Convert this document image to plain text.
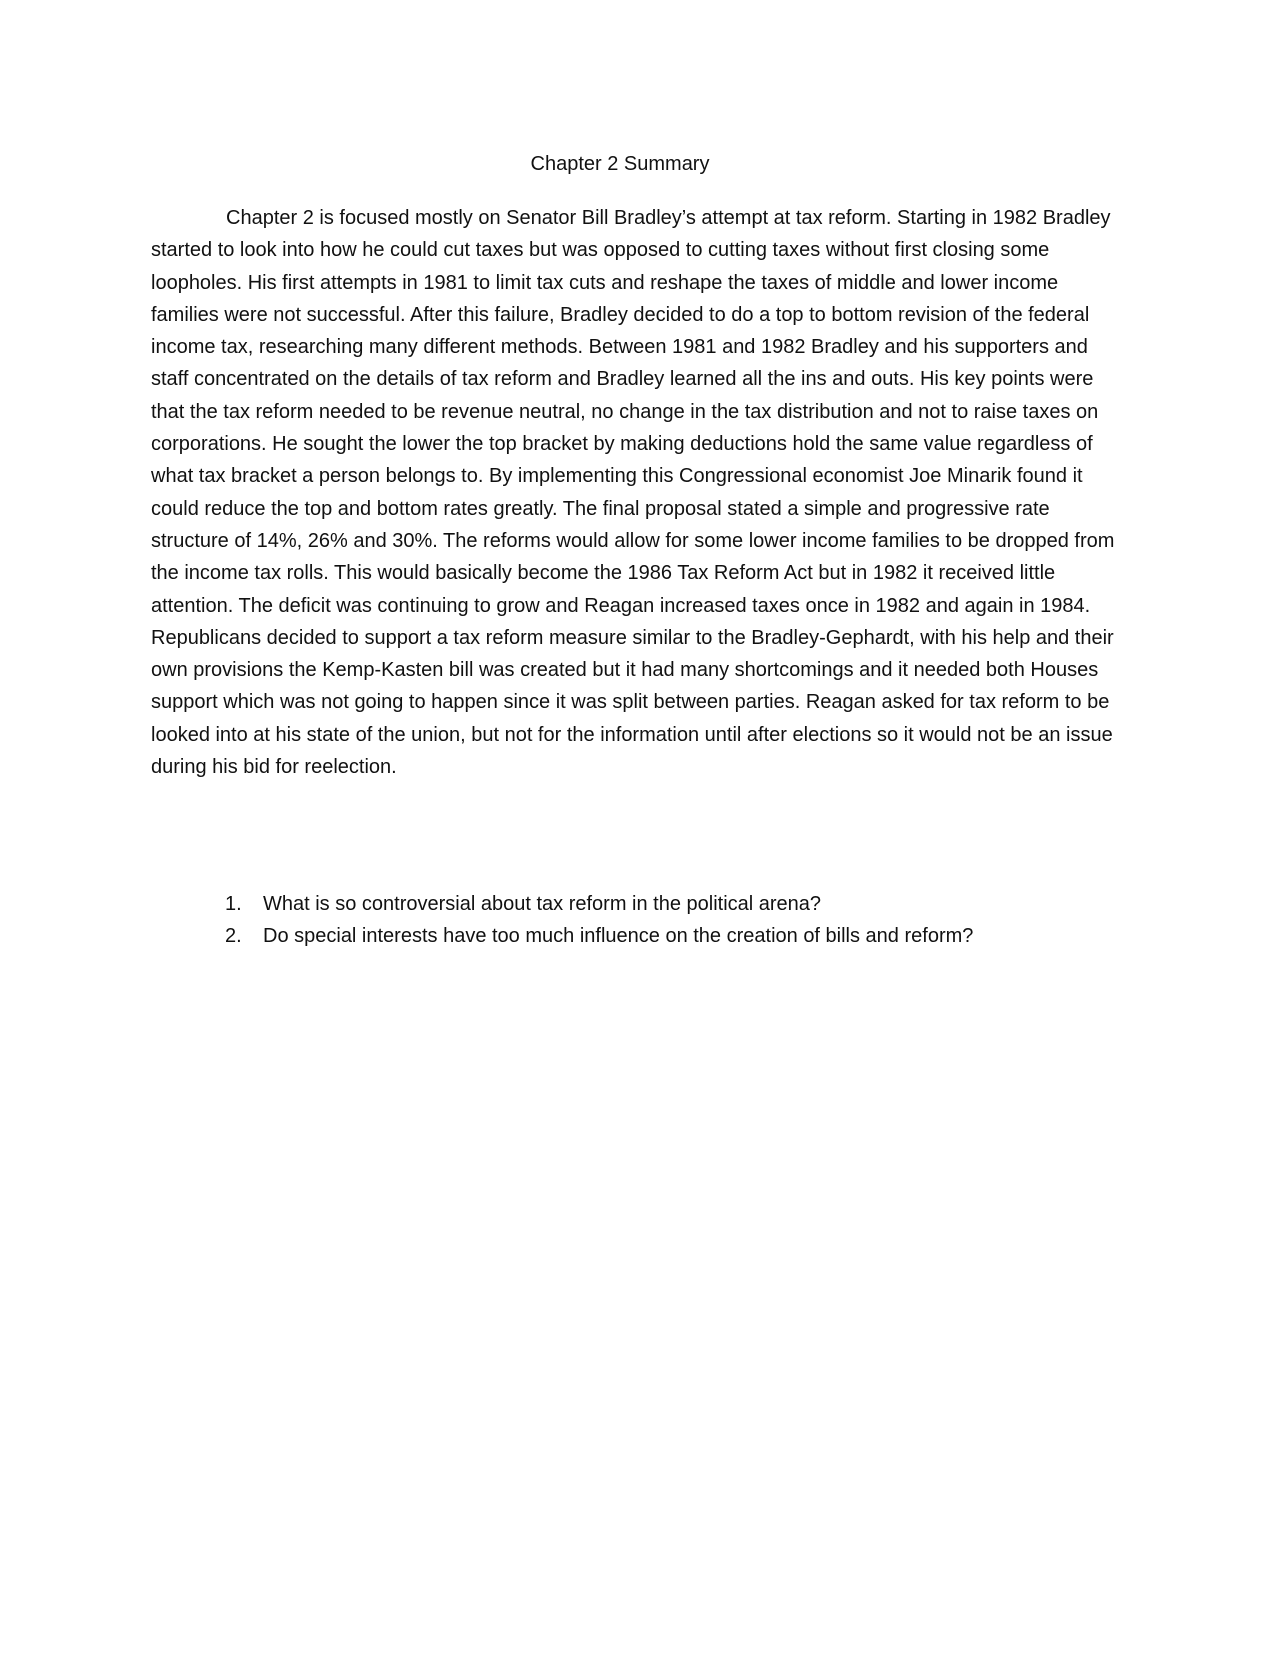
Chapter 2 Summary

Chapter 2 is focused mostly on Senator Bill Bradley’s attempt at tax reform. Starting in 1982 Bradley started to look into how he could cut taxes but was opposed to cutting taxes without first closing some loopholes. His first attempts in 1981 to limit tax cuts and reshape the taxes of middle and lower income families were not successful. After this failure, Bradley decided to do a top to bottom revision of the federal income tax, researching many different methods. Between 1981 and 1982 Bradley and his supporters and staff concentrated on the details of tax reform and Bradley learned all the ins and outs. His key points were that the tax reform needed to be revenue neutral, no change in the tax distribution and not to raise taxes on corporations. He sought the lower the top bracket by making deductions hold the same value regardless of what tax bracket a person belongs to. By implementing this Congressional economist Joe Minarik found it could reduce the top and bottom rates greatly. The final proposal stated a simple and progressive rate structure of 14%, 26% and 30%. The reforms would allow for some lower income families to be dropped from the income tax rolls. This would basically become the 1986 Tax Reform Act but in 1982 it received little attention. The deficit was continuing to grow and Reagan increased taxes once in 1982 and again in 1984. Republicans decided to support a tax reform measure similar to the Bradley-Gephardt, with his help and their own provisions the Kemp-Kasten bill was created but it had many shortcomings and it needed both Houses support which was not going to happen since it was split between parties. Reagan asked for tax reform to be looked into at his state of the union, but not for the information until after elections so it would not be an issue during his bid for reelection.

1. What is so controversial about tax reform in the political arena?
2. Do special interests have too much influence on the creation of bills and reform?
